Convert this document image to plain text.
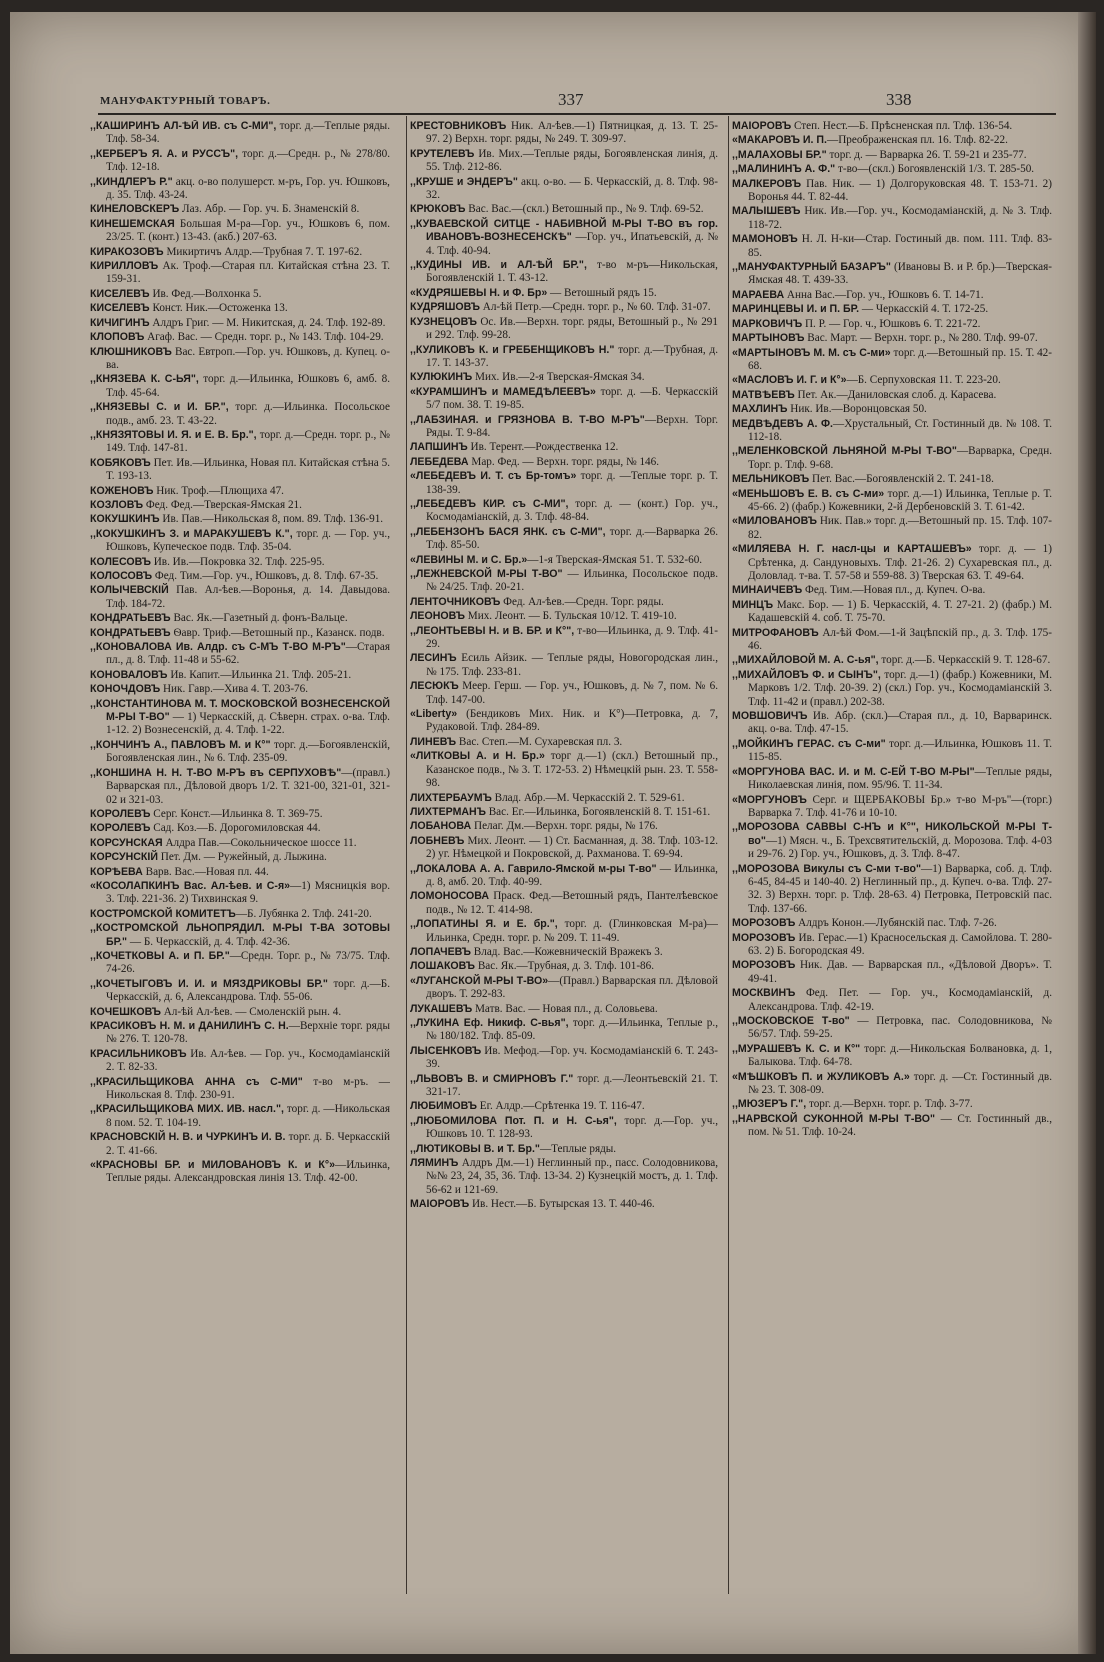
МАНУФАКТУРНЫЙ ТОВАРЪ.	337	338
,,КАШИРИНЪ АЛ-ѢЙ ИВ. съ С-МИ", торг. д.—Теплые ряды. Тлф. 58-34.
,,КЕРБЕРЪ Я. А. и РУССЪ", торг. д.—Средн. р., № 278/80. Тлф. 12-18.
,,КИНДЛЕРЪ Р." акц. о-во полушерст. м-ръ, Гор. уч. Юшковъ, д. 35. Тлф. 43-24.
КИНЕЛОВСКЕРЪ Лаз. Абр. — Гор. уч. Б. Знаменскій 8.
КИНЕШЕМСКАЯ Большая М-ра—Гор. уч., Юшковъ 6, пом. 23/25. Т. (конт.) 13-43. (акб.) 207-63.
КИРАКОЗОВЪ Микиртичъ Алдр.—Трубная 7. Т. 197-62.
КИРИЛЛОВЪ Ак. Троф.—Старая пл. Китайская стѣна 23. Т. 159-31.
КИСЕЛЕВЪ Ив. Фед.—Волхонка 5.
КИСЕЛЕВЪ Конст. Ник.—Остоженка 13.
КИЧИГИНЪ Алдръ Григ. — М. Никитская, д. 24. Тлф. 192-89.
КЛОПОВЪ Агаф. Вас. — Средн. торг. р., № 143. Тлф. 104-29.
КЛЮШНИКОВЪ Вас. Евтроп.—Гор. уч. Юшковъ, д. Купец. о-ва.
,,КНЯЗЕВА К. С-ЬЯ", торг. д.—Ильинка, Юшковъ 6, амб. 8. Тлф. 45-64.
,,КНЯЗЕВЫ С. и И. БР.", торг. д.—Ильинка. Посольское подв., амб. 23. Т. 43-22.
,,КНЯЗЯТОВЫ И. Я. и Е. В. Бр.", торг. д.—Средн. торг. р., № 149. Тлф. 147-81.
КОБЯКОВЪ Пет. Ив.—Ильинка, Новая пл. Китайская стѣна 5. Т. 193-13.
КОЖЕНОВЪ Ник. Троф.—Плющиха 47.
КОЗЛОВЪ Фед. Фед.—Тверская-Ямская 21.
КОКУШКИНЪ Ив. Пав.—Никольская 8, пом. 89. Тлф. 136-91.
,,КОКУШКИНЪ З. и МАРАКУШЕВЪ К.", торг. д. — Гор. уч., Юшковъ, Купеческое подв. Тлф. 35-04.
КОЛЕСОВЪ Ив. Ив.—Покровка 32. Тлф. 225-95.
КОЛОСОВЪ Фед. Тим.—Гор. уч., Юшковъ, д. 8. Тлф. 67-35.
КОЛЫЧЕВСКІЙ Пав. Ал-ѣев.—Воронья, д. 14. Давыдова. Тлф. 184-72.
КОНДРАТЬЕВЪ Вас. Як.—Газетный д. фонъ-Вальце.
КОНДРАТЬЕВЪ Ѳавр. Триф.—Ветошный пр., Казанск. подв.
,,КОНОВАЛОВА Ив. Алдр. съ С-МЪ Т-ВО М-РЪ"—Старая пл., д. 8. Тлф. 11-48 и 55-62.
КОНОВАЛОВЪ Ив. Капит.—Ильинка 21. Тлф. 205-21.
КОНОЧДОВЪ Ник. Гавр.—Хива 4. Т. 203-76.
,,КОНСТАНТИНОВА М. Т. МОСКОВСКОЙ ВОЗНЕСЕНСКОЙ М-РЫ Т-ВО" — 1) Черкасскій, д. Сѣверн. страх. о-ва. Тлф. 1-12. 2) Вознесенскій, д. 4. Тлф. 1-22.
,,КОНЧИНЪ А., ПАВЛОВЪ М. и К°" торг. д.—Богоявленскій, Богоявленская лин., № 6. Тлф. 235-09.
,,КОНШИНА Н. Н. Т-ВО М-РЪ въ СЕРПУХОВѢ"—(правл.) Варварская пл., Дѣловой дворъ 1/2. Т. 321-00, 321-01, 321-02 и 321-03.
КОРОЛЕВЪ Серг. Конст.—Ильинка 8. Т. 369-75.
КОРОЛЕВЪ Сад. Коз.—Б. Дорогомиловская 44.
КОРСУНСКАЯ Алдра Пав.—Сокольническое шоссе 11.
КОРСУНСКІЙ Пет. Дм. — Ружейный, д. Лыжина.
КОРѢЕВА Варв. Вас.—Новая пл. 44.
«КОСОЛАПКИНЪ Вас. Ал-ѣев. и С-я»—1) Мясницкія вор. 3. Тлф. 221-36. 2) Тихвинская 9.
КОСТРОМСКОЙ КОМИТЕТЪ—Б. Лубянка 2. Тлф. 241-20.
,,КОСТРОМСКОЙ ЛЬНОПРЯДИЛ. М-РЫ Т-ВА ЗОТОВЫ БР." — Б. Черкасскій, д. 4. Тлф. 42-36.
,,КОЧЕТКОВЫ А. и П. БР."—Средн. Торг. р., № 73/75. Тлф. 74-26.
,,КОЧЕТЫГОВЪ И. И. и МЯЗДРИКОВЫ БР." торг. д.—Б. Черкасскій, д. 6, Александрова. Тлф. 55-06.
КОЧЕШКОВЪ Ал-ѣй Ал-ѣев. — Смоленскій рын. 4.
КРАСИКОВЪ Н. М. и ДАНИЛИНЪ С. Н.—Верхніе торг. ряды № 276. Т. 120-78.
КРАСИЛЬНИКОВЪ Ив. Ал-ѣев. — Гор. уч., Космодаміанскій 2. Т. 82-33.
,,КРАСИЛЬЩИКОВА АННА съ С-МИ" т-во м-ръ. —Никольская 8. Тлф. 230-91.
,,КРАСИЛЬЩИКОВА МИХ. ИВ. насл.", торг. д. —Никольская 8 пом. 52. Т. 104-19.
КРАСНОВСКІЙ Н. В. и ЧУРКИНЪ И. В. торг. д. Б. Черкасскій 2. Т. 41-66.
«КРАСНОВЫ БР. и МИЛОВАНОВЪ К. и К°»—Ильинка, Теплые ряды. Александровская линія 13. Тлф. 42-00.
КРЕСТОВНИКОВЪ Ник. Ал-ѣев.—1) Пятницкая, д. 13. Т. 25-97. 2) Верхн. торг. ряды, № 249. Т. 309-97.
КРУТЕЛЕВЪ Ив. Мих.—Теплые ряды, Богоявленская линія, д. 55. Тлф. 212-86.
,,КРУШЕ и ЭНДЕРЪ" акц. о-во. — Б. Черкасскій, д. 8. Тлф. 98-32.
КРЮКОВЪ Вас. Вас.—(скл.) Ветошный пр., № 9. Тлф. 69-52.
,,КУВАЕВСКОЙ СИТЦЕ - НАБИВНОЙ М-РЫ Т-ВО въ гор. ИВАНОВЪ-ВОЗНЕСЕНСКѢ" —Гор. уч., Ипатьевскій, д. № 4. Тлф. 40-94.
,,КУДИНЫ ИВ. и АЛ-ѢЙ БР.", т-во м-ръ—Никольская, Богоявленскій 1. Т. 43-12.
«КУДРЯШЕВЫ Н. и Ф. Бр» — Ветошный рядъ 15.
КУДРЯШОВЪ Ал-ѣй Петр.—Средн. торг. р., № 60. Тлф. 31-07.
КУЗНЕЦОВЪ Ос. Ив.—Верхн. торг. ряды, Ветошный р., № 291 и 292. Тлф. 99-28.
,,КУЛИКОВЪ К. и ГРЕБЕНЩИКОВЪ Н." торг. д.—Трубная, д. 17. Т. 143-37.
КУЛЮКИНЪ Мих. Ив.—2-я Тверская-Ямская 34.
«КУРАМШИНЪ и МАМЕДѢЛЕЕВЪ» торг. д. —Б. Черкасскій 5/7 пом. 38. Т. 19-85.
,,ЛАБЗИНАЯ. и ГРЯЗНОВА В. Т-ВО М-РЪ"—Верхн. Торг. Ряды. Т. 9-84.
ЛАПШИНЪ Ив. Терент.—Рождественка 12.
ЛЕБЕДЕВА Мар. Фед. — Верхн. торг. ряды, № 146.
«ЛЕБЕДЕВЪ И. Т. съ Бр-томъ» торг. д. —Теплые торг. р. Т. 138-39.
,,ЛЕБЕДЕВЪ КИР. съ С-МИ", торг. д. — (конт.) Гор. уч., Космодаміанскій, д. 3. Тлф. 48-84.
,,ЛЕБЕНЗОНЪ БАСЯ ЯНК. съ С-МИ", торг. д.—Варварка 26. Тлф. 85-50.
«ЛЕВИНЫ М. и С. Бр.»—1-я Тверская-Ямская 51. Т. 532-60.
,,ЛЕЖНЕВСКОЙ М-РЫ Т-ВО" — Ильинка, Посольское подв. № 24/25. Тлф. 20-21.
ЛЕНТОЧНИКОВЪ Фед. Ал-ѣев.—Средн. Торг. ряды.
ЛЕОНОВЪ Мих. Леонт. — Б. Тульская 10/12. Т. 419-10.
,,ЛЕОНТЬЕВЫ Н. и В. БР. и К°", т-во—Ильинка, д. 9. Тлф. 41-29.
ЛЕСИНЪ Есиль Айзик. — Теплые ряды, Новогородская лин., № 175. Тлф. 233-81.
ЛЕСЮКЪ Меер. Герш. — Гор. уч., Юшковъ, д. № 7, пом. № 6. Тлф. 147-00.
«Liberty» (Бендиковъ Мих. Ник. и К°)—Петровка, д. 7, Рудаковой. Тлф. 284-89.
ЛИНЕВЪ Вас. Степ.—М. Сухаревская пл. 3.
«ЛИТКОВЫ А. и Н. Бр.» торг д.—1) (скл.) Ветошный пр., Казанское подв., № 3. Т. 172-53. 2) Нѣмецкій рын. 23. Т. 558-98.
ЛИХТЕРБАУМЪ Влад. Абр.—М. Черкасскій 2. Т. 529-61.
ЛИХТЕРМАНЪ Вас. Ег.—Ильинка, Богоявленскій 8. Т. 151-61.
ЛОБАНОВА Пелаг. Дм.—Верхн. торг. ряды, № 176.
ЛОБНЕВЪ Мих. Леонт. — 1) Ст. Басманная, д. 38. Тлф. 103-12. 2) уг. Нѣмецкой и Покровской, д. Рахманова. Т. 69-94.
,,ЛОКАЛОВА А. А. Гаврило-Ямской м-ры Т-во" — Ильинка, д. 8, амб. 20. Тлф. 40-99.
ЛОМОНОСОВА Праск. Фед.—Ветошный рядъ, Пантелѣевское подв., № 12. Т. 414-98.
,,ЛОПАТИНЫ Я. и Е. бр.", торг. д. (Глинковская М-ра)—Ильинка, Средн. торг. р. № 209. Т. 11-49.
ЛОПАЧЕВЪ Влад. Вас.—Кожевническій Вражекъ 3.
ЛОШАКОВЪ Вас. Як.—Трубная, д. 3. Тлф. 101-86.
«ЛУГАНСКОЙ М-РЫ Т-ВО»—(Правл.) Варварская пл. Дѣловой дворъ. Т. 292-83.
ЛУКАШЕВЪ Матв. Вас. — Новая пл., д. Соловьева.
,,ЛУКИНА Еф. Никиф. С-вья", торг. д.—Ильинка, Теплые р., № 180/182. Тлф. 85-09.
ЛЫСЕНКОВЪ Ив. Мефод.—Гор. уч. Космодаміанскій 6. Т. 243-39.
,,ЛЬВОВЪ В. и СМИРНОВЪ Г." торг. д.—Леонтьевскій 21. Т. 321-17.
ЛЮБИМОВЪ Ег. Алдр.—Срѣтенка 19. Т. 116-47.
,,ЛЮБОМИЛОВА Пот. П. и Н. С-ья", торг. д.—Гор. уч., Юшковъ 10. Т. 128-93.
,,ЛЮТИКОВЫ В. и Т. Бр."—Теплые ряды.
ЛЯМИНЪ Алдръ Дм.—1) Неглинный пр., пасс. Солодовникова, №№ 23, 24, 35, 36. Тлф. 13-34. 2) Кузнецкій мостъ, д. 1. Тлф. 56-62 и 121-69.
МАІОРОВЪ Ив. Нест.—Б. Бутырская 13. Т. 440-46.
МАІОРОВЪ Степ. Нест.—Б. Прѣсненская пл. Тлф. 136-54.
«МАКАРОВЪ И. П.—Преображенская пл. 16. Тлф. 82-22.
,,МАЛАХОВЫ БР." торг. д. — Варварка 26. Т. 59-21 и 235-77.
,,МАЛИНИНЪ А. Ф." т-во—(скл.) Богоявленскій 1/3. Т. 285-50.
МАЛКЕРОВЪ Пав. Ник. — 1) Долгоруковская 48. Т. 153-71. 2) Воронья 44. Т. 82-44.
МАЛЫШЕВЪ Ник. Ив.—Гор. уч., Космодаміанскій, д. № 3. Тлф. 118-72.
МАМОНОВЪ Н. Л. Н-ки—Стар. Гостиный дв. пом. 111. Тлф. 83-85.
,,МАНУФАКТУРНЫЙ БАЗАРЪ" (Ивановы В. и Р. бр.)—Тверская-Ямская 48. Т. 439-33.
МАРАЕВА Анна Вас.—Гор. уч., Юшковъ 6. Т. 14-71.
МАРИНЦЕВЫ И. и П. БР. — Черкасскій 4. Т. 172-25.
МАРКОВИЧЪ П. Р. — Гор. ч., Юшковъ 6. Т. 221-72.
МАРТЫНОВЪ Вас. Март. — Верхн. торг. р., № 280. Тлф. 99-07.
«МАРТЫНОВЪ М. М. съ С-ми» торг. д.—Ветошный пр. 15. Т. 42-68.
«МАСЛОВЪ И. Г. и К°»—Б. Серпуховская 11. Т. 223-20.
МАТВѢЕВЪ Пет. Ак.—Даниловская слоб. д. Карасева.
МАХЛИНЪ Ник. Ив.—Воронцовская 50.
МЕДВѢДЕВЪ А. Ф.—Хрустальный, Ст. Гостинный дв. № 108. Т. 112-18.
,,МЕЛЕНКОВСКОЙ ЛЬНЯНОЙ М-РЫ Т-ВО"—Варварка, Средн. Торг. р. Тлф. 9-68.
МЕЛЬНИКОВЪ Пет. Вас.—Богоявленскій 2. Т. 241-18.
«МЕНЬШОВЪ Е. В. съ С-ми» торг. д.—1) Ильинка, Теплые р. Т. 45-66. 2) (фабр.) Кожевники, 2-й Дербеновскій 3. Т. 61-42.
«МИЛОВАНОВЪ Ник. Пав.» торг. д.—Ветошный пр. 15. Тлф. 107-82.
«МИЛЯЕВА Н. Г. насл-цы и КАРТАШЕВЪ» торг. д. — 1) Срѣтенка, д. Сандуновыхъ. Тлф. 21-26. 2) Сухаревская пл., д. Доловлад. т-ва. Т. 57-58 и 559-88. 3) Тверская 63. Т. 49-64.
МИНАИЧЕВЪ Фед. Тим.—Новая пл., д. Купеч. О-ва.
МИНЦЪ Макс. Бор. — 1) Б. Черкасскій, 4. Т. 27-21. 2) (фабр.) М. Кадашевскій 4. соб. Т. 75-70.
МИТРОФАНОВЪ Ал-ѣй Фом.—1-й Зацѣпскій пр., д. 3. Тлф. 175-46.
,,МИХАЙЛОВОЙ М. А. С-ья", торг. д.—Б. Черкасскій 9. Т. 128-67.
,,МИХАЙЛОВЪ Ф. и СЫНЪ", торг. д.—1) (фабр.) Кожевники, М. Марковъ 1/2. Тлф. 20-39. 2) (скл.) Гор. уч., Космодаміанскій 3. Тлф. 11-42 и (правл.) 202-38.
МОВШОВИЧЪ Ив. Абр. (скл.)—Старая пл., д. 10, Варваринск. акц. о-ва. Тлф. 47-15.
,,МОЙКИНЪ ГЕРАС. съ С-ми" торг. д.—Ильинка, Юшковъ 11. Т. 115-85.
«МОРГУНОВА ВАС. И. и М. С-ЕЙ Т-ВО М-РЫ"—Теплые ряды, Николаевская линія, пом. 95/96. Т. 11-34.
«МОРГУНОВЪ Серг. и ЩЕРБАКОВЫ Бр.» т-во М-ръ"—(торг.) Варварка 7. Тлф. 41-76 и 10-10.
,,МОРОЗОВА САВВЫ С-НЪ и К°", НИКОЛЬСКОЙ М-РЫ Т-во"—1) Мясн. ч., Б. Трехсвятительскій, д. Морозова. Тлф. 4-03 и 29-76. 2) Гор. уч., Юшковъ, д. 3. Тлф. 8-47.
,,МОРОЗОВА Викулы съ С-ми т-во"—1) Варварка, соб. д. Тлф. 6-45, 84-45 и 140-40. 2) Неглинный пр., д. Купеч. о-ва. Тлф. 27-32. 3) Верхн. торг. р. Тлф. 28-63. 4) Петровка, Петровскій пас. Тлф. 137-66.
МОРОЗОВЪ Алдръ Конон.—Лубянскій пас. Тлф. 7-26.
МОРОЗОВЪ Ив. Герас.—1) Красносельская д. Самойлова. Т. 280-63. 2) Б. Богородская 49.
МОРОЗОВЪ Ник. Дав. — Варварская пл., «Дѣловой Дворъ». Т. 49-41.
МОСКВИНЪ Фед. Пет. — Гор. уч., Космодаміанскій, д. Александрова. Тлф. 42-19.
,,МОСКОВСКОЕ Т-во" — Петровка, пас. Солодовникова, № 56/57. Тлф. 59-25.
,,МУРАШЕВЪ К. С. и К°" торг. д.—Никольская Болвановка, д. 1, Балыкова. Тлф. 64-78.
«МѢШКОВЪ П. и ЖУЛИКОВЪ А.» торг. д. —Ст. Гостинный дв. № 23. Т. 308-09.
,,МЮЗЕРЪ Г.", торг. д.—Верхн. торг. р. Тлф. 3-77.
,,НАРВСКОЙ СУКОННОЙ М-РЫ Т-ВО" — Ст. Гостинный дв., пом. № 51. Тлф. 10-24.
